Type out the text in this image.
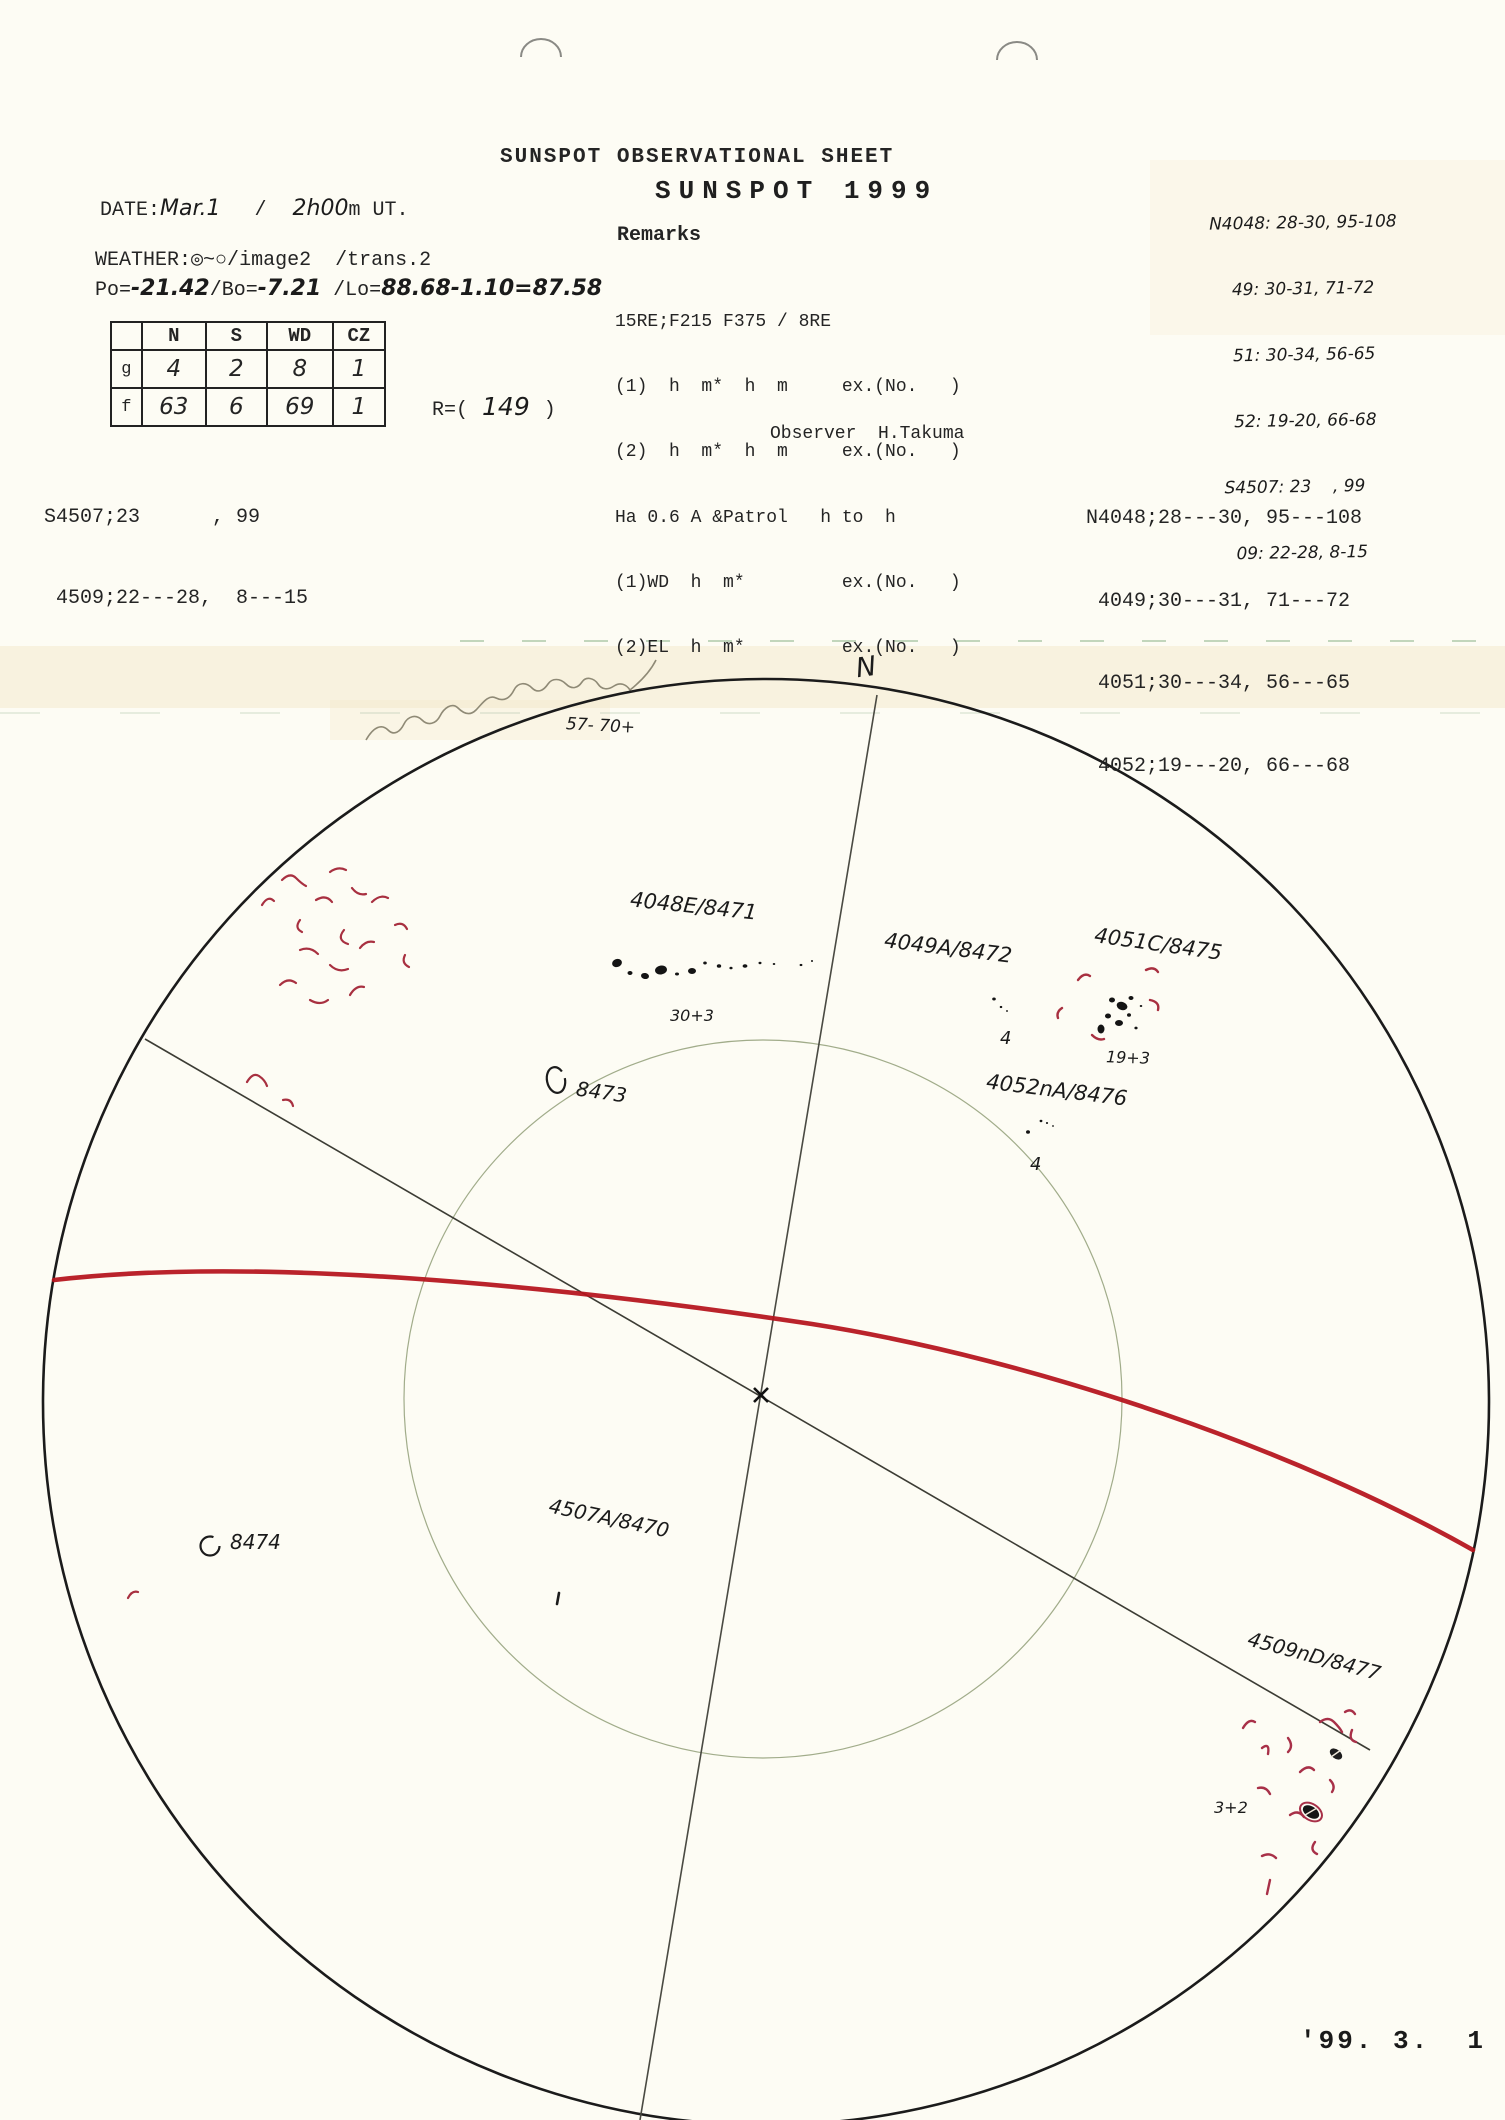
SUNSPOT OBSERVATIONAL SHEET
SUNSPOT 1999
DATE:Mar.1 / 2h00m UT.
WEATHER:◎~○/image2  /trans.2
Po=-21.42/Bo=-7.21 /Lo=88.68-1.10=87.58
	N	S	WD	CZ
g	4	2	8	1
f	63	6	69	1	R=( 149 )
Remarks

15RE;F215 F375 / 8RE

(1)  h  m*  h  m     ex.(No.   )

(2)  h  m*  h  m     ex.(No.   )

Ha 0.6 A &Patrol   h to  h

(1)WD  h  m*         ex.(No.   )

(2)EL  h  m*         ex.(No.   )

Observer  H.Takuma

N4048: 28-30, 95-108

49: 30-31, 71-72

51: 30-34, 56-65

52: 19-20, 66-68

S4507: 23    , 99

09: 22-28, 8-15

S4507;23      , 99

4509;22---28,  8---15

N4048;28---30, 95---108

4049;30---31, 71---72

4051;30---34, 56---65

4052;19---20, 66---68

N
57- 70+
4048E/8471
4049A/8472	4051C/8475
4052nA/8476
8473
8474	4507A/8470
4509nD/8477
30+3
4
19+3
4
3+2
'99. 3.  1
